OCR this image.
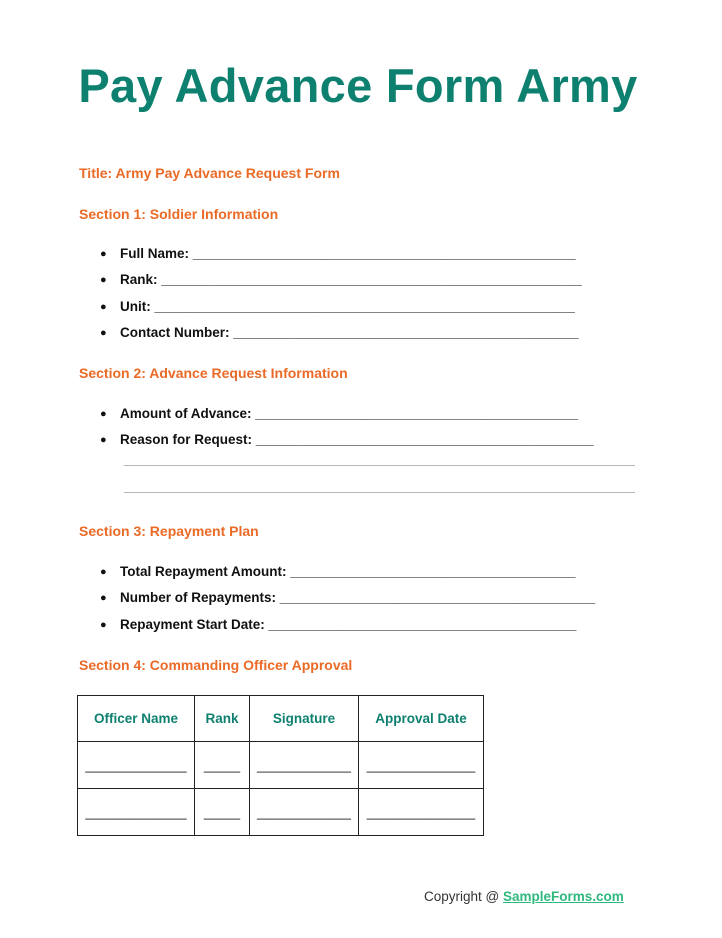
Pay Advance Form Army

Title: Army Pay Advance Request Form

Section 1: Soldier Information

● Full Name: ___________________________________________________
● Rank: ________________________________________________________
● Unit: ________________________________________________________
● Contact Number: ______________________________________________

Section 2: Advance Request Information

● Amount of Advance: ___________________________________________
● Reason for Request: _____________________________________________

Section 3: Repayment Plan

● Total Repayment Amount: ______________________________________
● Number of Repayments: __________________________________________
● Repayment Start Date: _________________________________________

Section 4: Commanding Officer Approval

Officer Name	Rank	Signature	Approval Date
______________	_____	_____________	_______________
______________	_____	_____________	_______________
Copyright @ SampleForms.com
